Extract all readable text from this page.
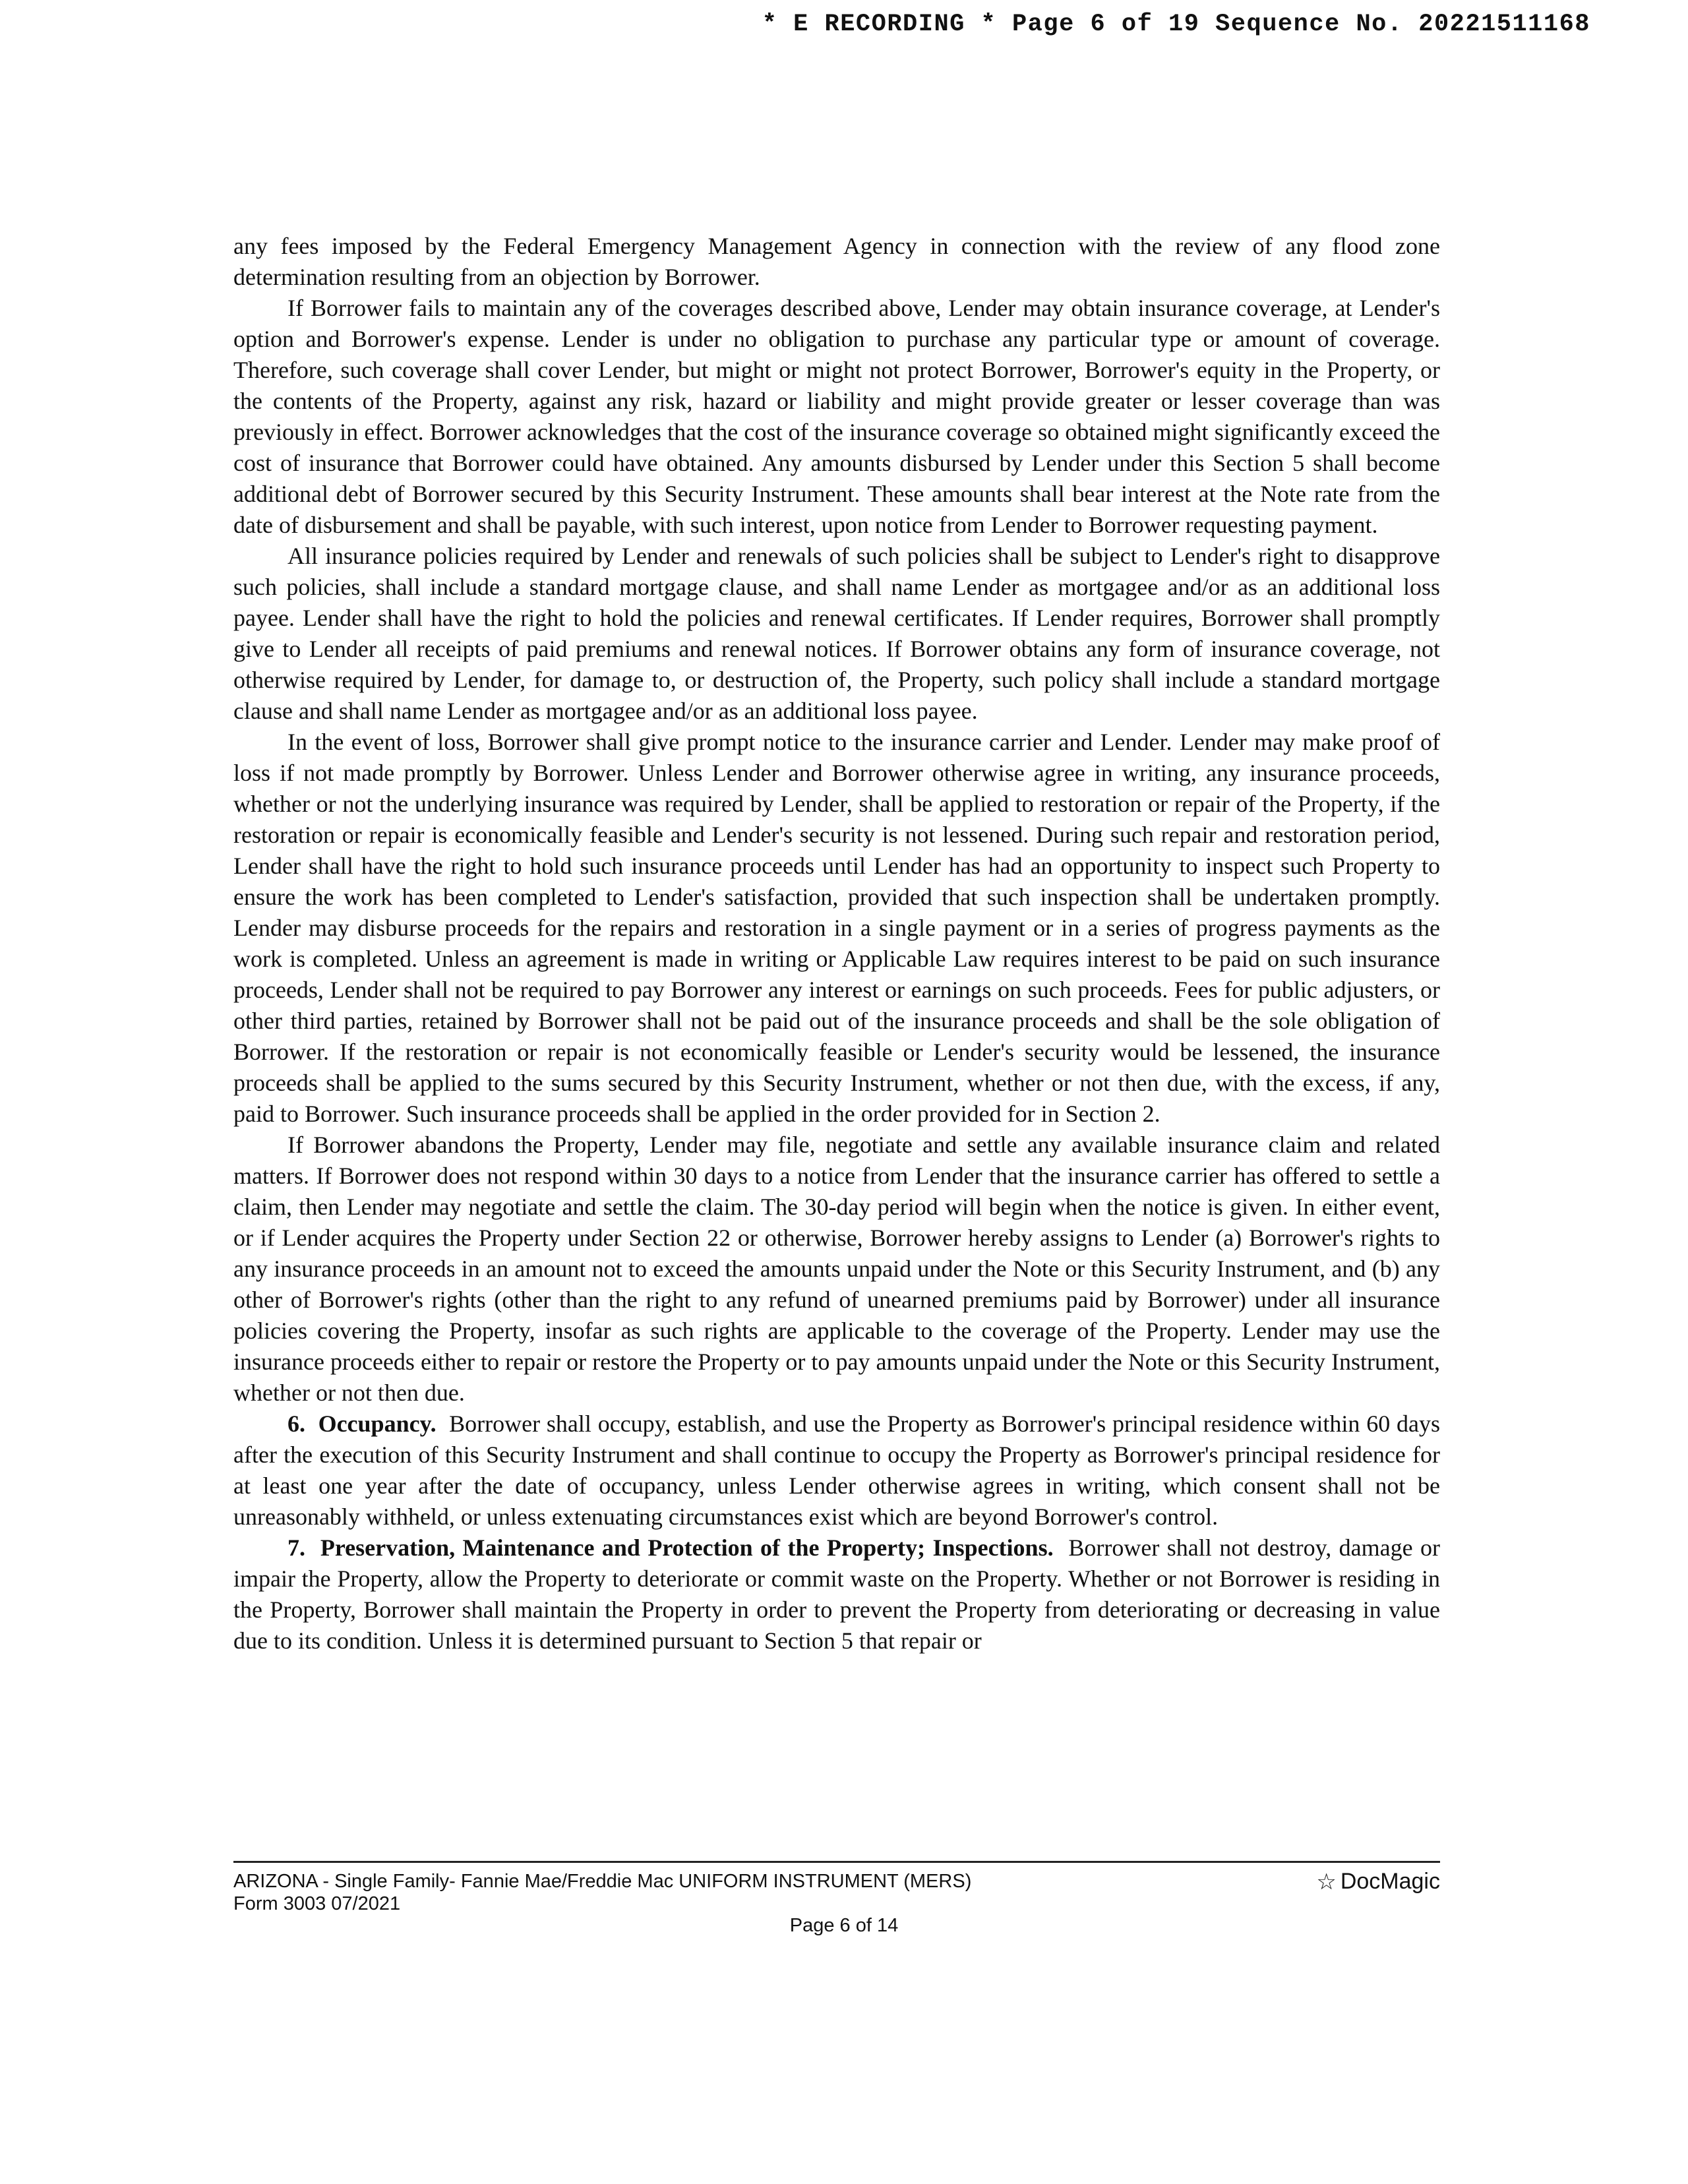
* E RECORDING * Page 6 of 19 Sequence No. 20221511168

any fees imposed by the Federal Emergency Management Agency in connection with the review of any flood zone determination resulting from an objection by Borrower.

If Borrower fails to maintain any of the coverages described above, Lender may obtain insurance coverage, at Lender's option and Borrower's expense. Lender is under no obligation to purchase any particular type or amount of coverage. Therefore, such coverage shall cover Lender, but might or might not protect Borrower, Borrower's equity in the Property, or the contents of the Property, against any risk, hazard or liability and might provide greater or lesser coverage than was previously in effect. Borrower acknowledges that the cost of the insurance coverage so obtained might significantly exceed the cost of insurance that Borrower could have obtained. Any amounts disbursed by Lender under this Section 5 shall become additional debt of Borrower secured by this Security Instrument. These amounts shall bear interest at the Note rate from the date of disbursement and shall be payable, with such interest, upon notice from Lender to Borrower requesting payment.

All insurance policies required by Lender and renewals of such policies shall be subject to Lender's right to disapprove such policies, shall include a standard mortgage clause, and shall name Lender as mortgagee and/or as an additional loss payee. Lender shall have the right to hold the policies and renewal certificates. If Lender requires, Borrower shall promptly give to Lender all receipts of paid premiums and renewal notices. If Borrower obtains any form of insurance coverage, not otherwise required by Lender, for damage to, or destruction of, the Property, such policy shall include a standard mortgage clause and shall name Lender as mortgagee and/or as an additional loss payee.

In the event of loss, Borrower shall give prompt notice to the insurance carrier and Lender. Lender may make proof of loss if not made promptly by Borrower. Unless Lender and Borrower otherwise agree in writing, any insurance proceeds, whether or not the underlying insurance was required by Lender, shall be applied to restoration or repair of the Property, if the restoration or repair is economically feasible and Lender's security is not lessened. During such repair and restoration period, Lender shall have the right to hold such insurance proceeds until Lender has had an opportunity to inspect such Property to ensure the work has been completed to Lender's satisfaction, provided that such inspection shall be undertaken promptly. Lender may disburse proceeds for the repairs and restoration in a single payment or in a series of progress payments as the work is completed. Unless an agreement is made in writing or Applicable Law requires interest to be paid on such insurance proceeds, Lender shall not be required to pay Borrower any interest or earnings on such proceeds. Fees for public adjusters, or other third parties, retained by Borrower shall not be paid out of the insurance proceeds and shall be the sole obligation of Borrower. If the restoration or repair is not economically feasible or Lender's security would be lessened, the insurance proceeds shall be applied to the sums secured by this Security Instrument, whether or not then due, with the excess, if any, paid to Borrower. Such insurance proceeds shall be applied in the order provided for in Section 2.

If Borrower abandons the Property, Lender may file, negotiate and settle any available insurance claim and related matters. If Borrower does not respond within 30 days to a notice from Lender that the insurance carrier has offered to settle a claim, then Lender may negotiate and settle the claim. The 30-day period will begin when the notice is given. In either event, or if Lender acquires the Property under Section 22 or otherwise, Borrower hereby assigns to Lender (a) Borrower's rights to any insurance proceeds in an amount not to exceed the amounts unpaid under the Note or this Security Instrument, and (b) any other of Borrower's rights (other than the right to any refund of unearned premiums paid by Borrower) under all insurance policies covering the Property, insofar as such rights are applicable to the coverage of the Property. Lender may use the insurance proceeds either to repair or restore the Property or to pay amounts unpaid under the Note or this Security Instrument, whether or not then due.

6. Occupancy. Borrower shall occupy, establish, and use the Property as Borrower's principal residence within 60 days after the execution of this Security Instrument and shall continue to occupy the Property as Borrower's principal residence for at least one year after the date of occupancy, unless Lender otherwise agrees in writing, which consent shall not be unreasonably withheld, or unless extenuating circumstances exist which are beyond Borrower's control.

7. Preservation, Maintenance and Protection of the Property; Inspections. Borrower shall not destroy, damage or impair the Property, allow the Property to deteriorate or commit waste on the Property. Whether or not Borrower is residing in the Property, Borrower shall maintain the Property in order to prevent the Property from deteriorating or decreasing in value due to its condition. Unless it is determined pursuant to Section 5 that repair or

ARIZONA - Single Family- Fannie Mae/Freddie Mac UNIFORM INSTRUMENT (MERS)
Form 3003 07/2021
☆ DocMagic
Page 6 of 14
